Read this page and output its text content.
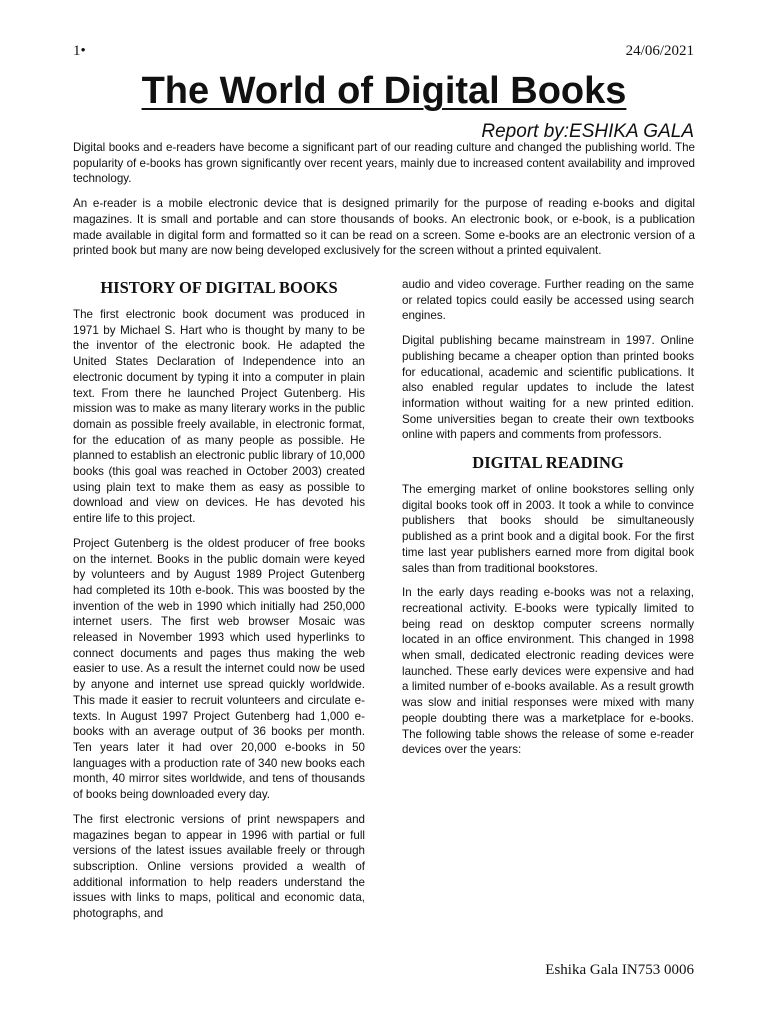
1•	24/06/2021
The World of Digital Books
Report by:ESHIKA GALA

Digital books and e-readers have become a significant part of our reading culture and changed the publishing world. The popularity of e-books has grown significantly over recent years, mainly due to increased content availability and improved technology.

An e-reader is a mobile electronic device that is designed primarily for the purpose of reading e-books and digital magazines. It is small and portable and can store thousands of books. An electronic book, or e-book, is a publication made available in digital form and formatted so it can be read on a screen. Some e-books are an electronic version of a printed book but many are now being developed exclusively for the screen without a printed equivalent.

HISTORY OF DIGITAL BOOKS

The first electronic book document was produced in 1971 by Michael S. Hart who is thought by many to be the inventor of the electronic book. He adapted the United States Declaration of Independence into an electronic document by typing it into a computer in plain text. From there he launched Project Gutenberg. His mission was to make as many literary works in the public domain as possible freely available, in electronic format, for the education of as many people as possible. He planned to establish an electronic public library of 10,000 books (this goal was reached in October 2003) created using plain text to make them as easy as possible to download and view on devices. He has devoted his entire life to this project.

Project Gutenberg is the oldest producer of free books on the internet. Books in the public domain were keyed by volunteers and by August 1989 Project Gutenberg had completed its 10th e-book. This was boosted by the invention of the web in 1990 which initially had 250,000 internet users. The first web browser Mosaic was released in November 1993 which used hyperlinks to connect documents and pages thus making the web easier to use. As a result the internet could now be used by anyone and internet use spread quickly worldwide. This made it easier to recruit volunteers and circulate e-texts. In August 1997 Project Gutenberg had 1,000 e-books with an average output of 36 books per month. Ten years later it had over 20,000 e-books in 50 languages with a production rate of 340 new books each month, 40 mirror sites worldwide, and tens of thousands of books being downloaded every day.

The first electronic versions of print newspapers and magazines began to appear in 1996 with partial or full versions of the latest issues available freely or through subscription. Online versions provided a wealth of additional information to help readers understand the issues with links to maps, political and economic data, photographs, and

audio and video coverage. Further reading on the same or related topics could easily be accessed using search engines.

Digital publishing became mainstream in 1997. Online publishing became a cheaper option than printed books for educational, academic and scientific publications. It also enabled regular updates to include the latest information without waiting for a new printed edition. Some universities began to create their own textbooks online with papers and comments from professors.

DIGITAL READING

The emerging market of online bookstores selling only digital books took off in 2003. It took a while to convince publishers that books should be simultaneously published as a print book and a digital book. For the first time last year publishers earned more from digital book sales than from traditional bookstores.

In the early days reading e-books was not a relaxing, recreational activity. E-books were typically limited to being read on desktop computer screens normally located in an office environment. This changed in 1998 when small, dedicated electronic reading devices were launched. These early devices were expensive and had a limited number of e-books available. As a result growth was slow and initial responses were mixed with many people doubting there was a marketplace for e-books. The following table shows the release of some e-reader devices over the years:

Eshika Gala IN753 0006
